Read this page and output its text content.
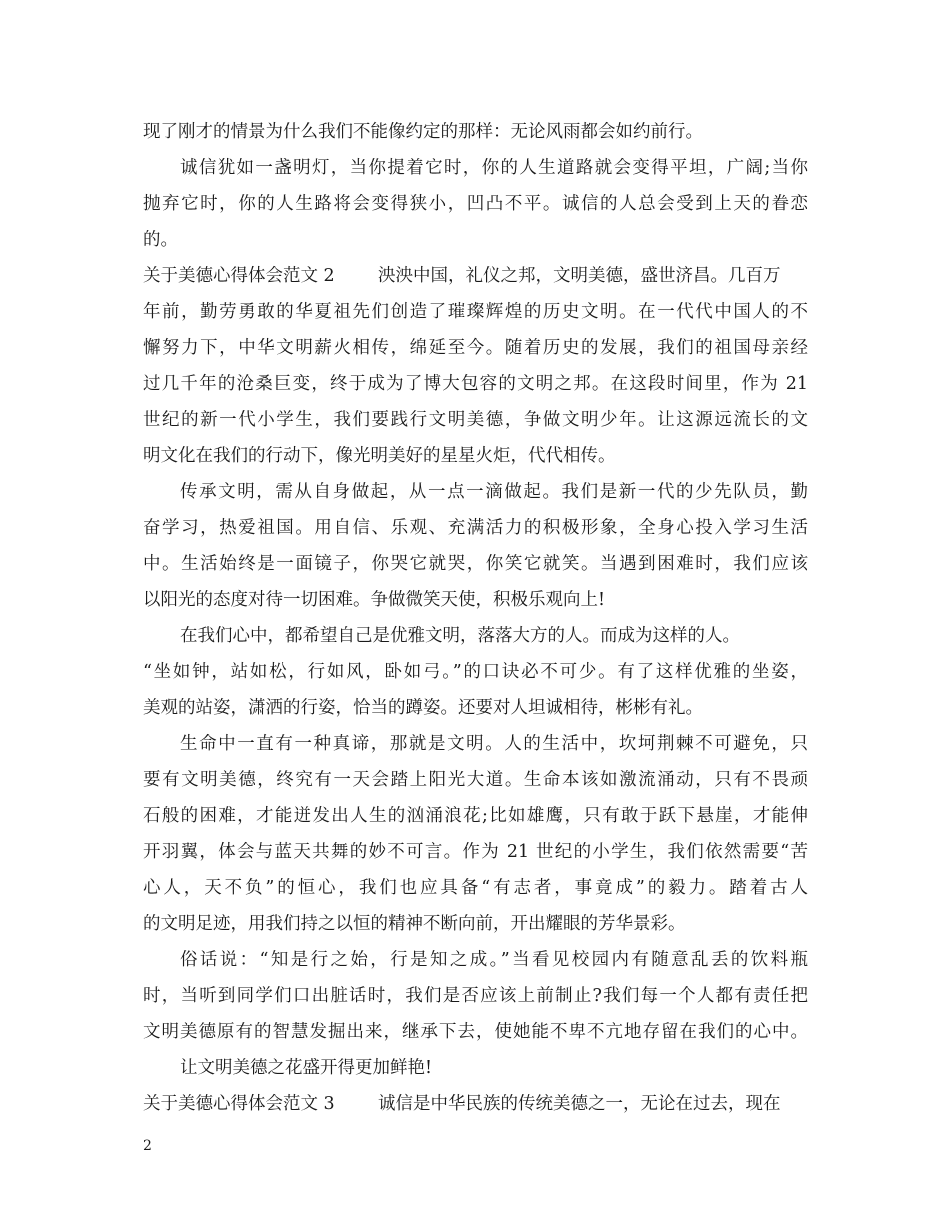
现了刚才的情景为什么我们不能像约定的那样：无论风雨都会如约前行。
诚信犹如一盏明灯，当你提着它时，你的人生道路就会变得平坦，广阔;当你
抛弃它时，你的人生路将会变得狭小，凹凸不平。诚信的人总会受到上天的眷恋
的。
关于美德心得体会范文 2 泱泱中国，礼仪之邦，文明美德，盛世济昌。几百万
年前，勤劳勇敢的华夏祖先们创造了璀璨辉煌的历史文明。在一代代中国人的不
懈努力下，中华文明薪火相传，绵延至今。随着历史的发展，我们的祖国母亲经
过几千年的沧桑巨变，终于成为了博大包容的文明之邦。在这段时间里，作为 21
世纪的新一代小学生，我们要践行文明美德，争做文明少年。让这源远流长的文
明文化在我们的行动下，像光明美好的星星火炬，代代相传。
传承文明，需从自身做起，从一点一滴做起。我们是新一代的少先队员，勤
奋学习，热爱祖国。用自信、乐观、充满活力的积极形象，全身心投入学习生活
中。生活始终是一面镜子，你哭它就哭，你笑它就笑。当遇到困难时，我们应该
以阳光的态度对待一切困难。争做微笑天使，积极乐观向上!
在我们心中，都希望自己是优雅文明，落落大方的人。而成为这样的人。
“坐如钟，站如松，行如风，卧如弓。”的口诀必不可少。有了这样优雅的坐姿，
美观的站姿，潇洒的行姿，恰当的蹲姿。还要对人坦诚相待，彬彬有礼。
生命中一直有一种真谛，那就是文明。人的生活中，坎坷荆棘不可避免，只
要有文明美德，终究有一天会踏上阳光大道。生命本该如激流涌动，只有不畏顽
石般的困难，才能迸发出人生的汹涌浪花;比如雄鹰，只有敢于跃下悬崖，才能伸
开羽翼，体会与蓝天共舞的妙不可言。作为 21 世纪的小学生，我们依然需要“苦
心人，天不负”的恒心，我们也应具备“有志者，事竟成”的毅力。踏着古人
的文明足迹，用我们持之以恒的精神不断向前，开出耀眼的芳华景彩。
俗话说：“知是行之始，行是知之成。”当看见校园内有随意乱丢的饮料瓶
时，当听到同学们口出脏话时，我们是否应该上前制止?我们每一个人都有责任把
文明美德原有的智慧发掘出来，继承下去，使她能不卑不亢地存留在我们的心中。
让文明美德之花盛开得更加鲜艳!
关于美德心得体会范文 3 诚信是中华民族的传统美德之一，无论在过去，现在
2
